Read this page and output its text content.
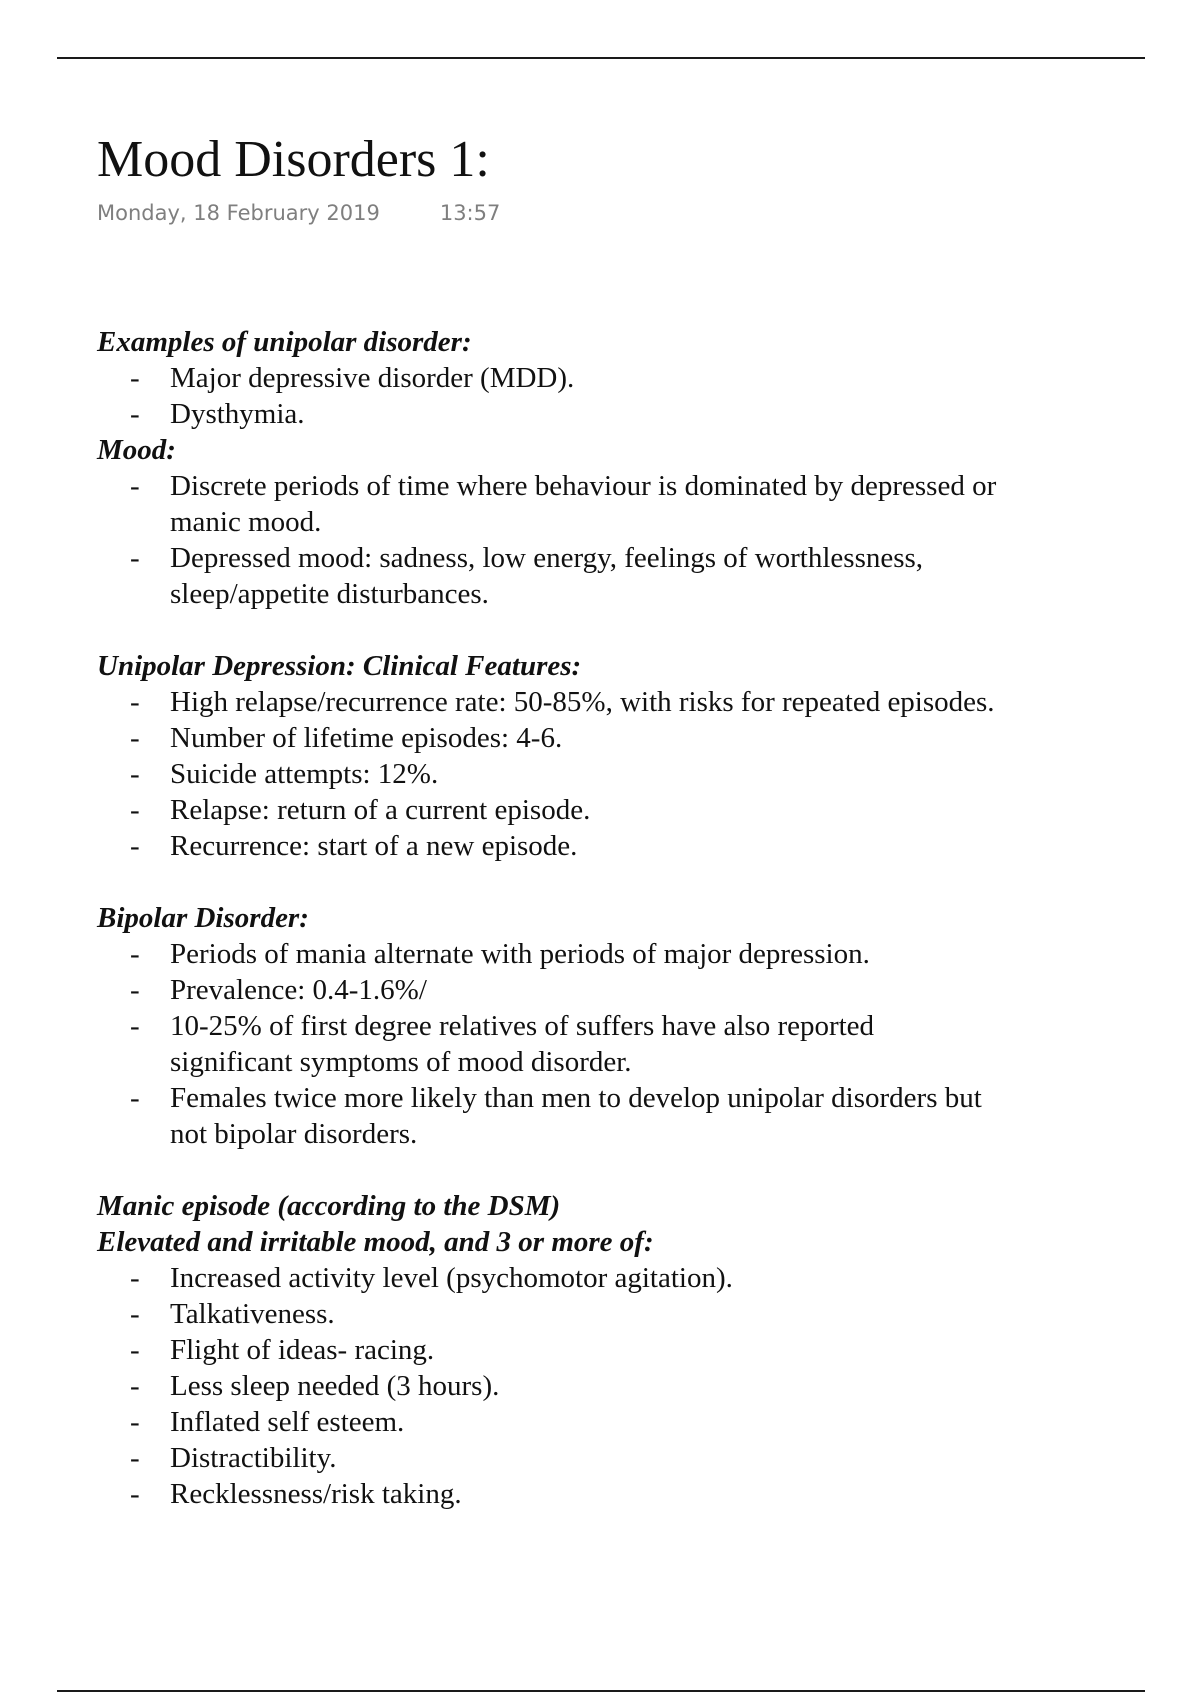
Mood Disorders 1:
Monday, 18 February 2019	13:57

Examples of unipolar disorder:

- Major depressive disorder (MDD).
- Dysthymia.

Mood:

- Discrete periods of time where behaviour is dominated by depressed or manic mood.
- Depressed mood: sadness, low energy, feelings of worthlessness, sleep/appetite disturbances.

Unipolar Depression: Clinical Features:

- High relapse/recurrence rate: 50-85%, with risks for repeated episodes.
- Number of lifetime episodes: 4-6.
- Suicide attempts: 12%.
- Relapse: return of a current episode.
- Recurrence: start of a new episode.

Bipolar Disorder:

- Periods of mania alternate with periods of major depression.
- Prevalence: 0.4-1.6%/
- 10-25% of first degree relatives of suffers have also reported significant symptoms of mood disorder.
- Females twice more likely than men to develop unipolar disorders but not bipolar disorders.

Manic episode (according to the DSM)

Elevated and irritable mood, and 3 or more of:

- Increased activity level (psychomotor agitation).
- Talkativeness.
- Flight of ideas- racing.
- Less sleep needed (3 hours).
- Inflated self esteem.
- Distractibility.
- Recklessness/risk taking.
